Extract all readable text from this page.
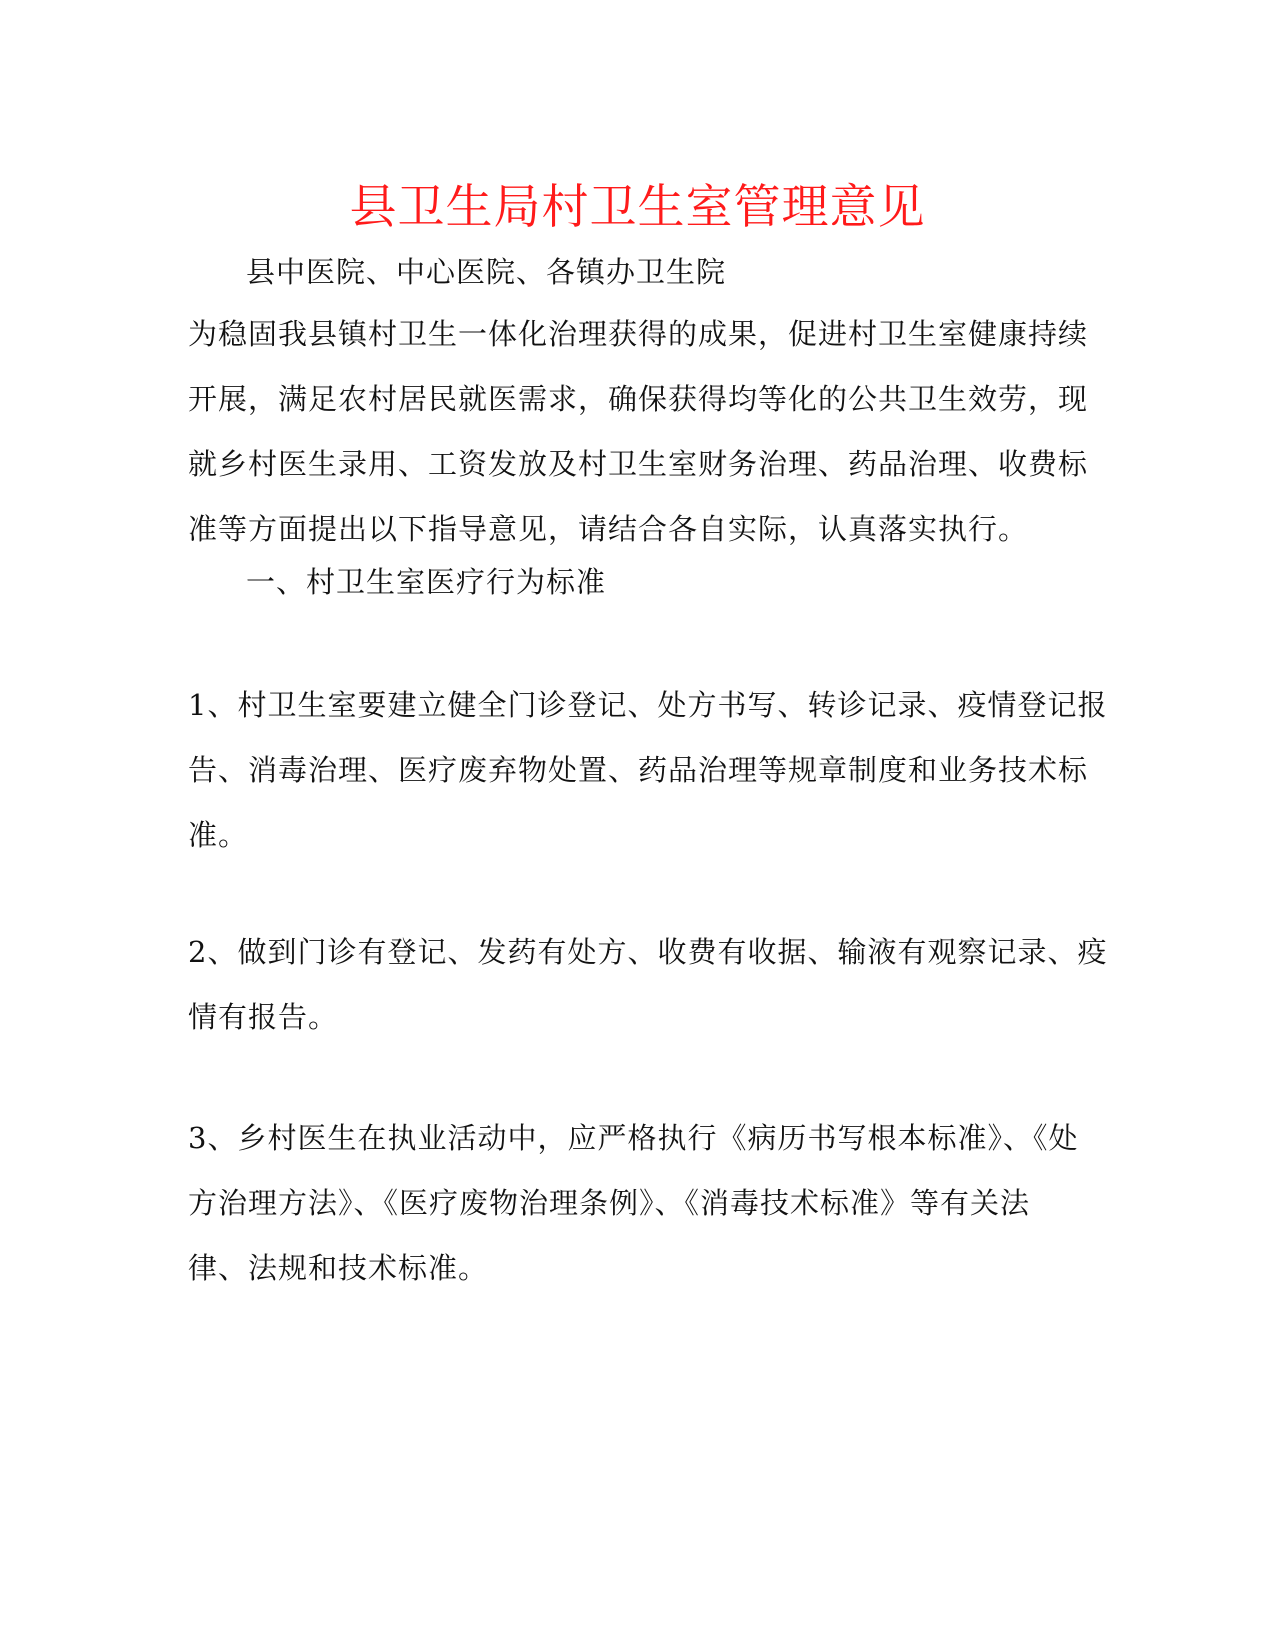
县卫生局村卫生室管理意见

县中医院、中心医院、各镇办卫生院

为稳固我县镇村卫生一体化治理获得的成果，促进村卫生室健康持续
开展，满足农村居民就医需求，确保获得均等化的公共卫生效劳，现
就乡村医生录用、工资发放及村卫生室财务治理、药品治理、收费标
准等方面提出以下指导意见，请结合各自实际，认真落实执行。

一、村卫生室医疗行为标准

1、村卫生室要建立健全门诊登记、处方书写、转诊记录、疫情登记报
告、消毒治理、医疗废弃物处置、药品治理等规章制度和业务技术标
准。
2、做到门诊有登记、发药有处方、收费有收据、输液有观察记录、疫
情有报告。
3、乡村医生在执业活动中，应严格执行《病历书写根本标准》、《处
方治理方法》、《医疗废物治理条例》、《消毒技术标准》等有关法
律、法规和技术标准。
